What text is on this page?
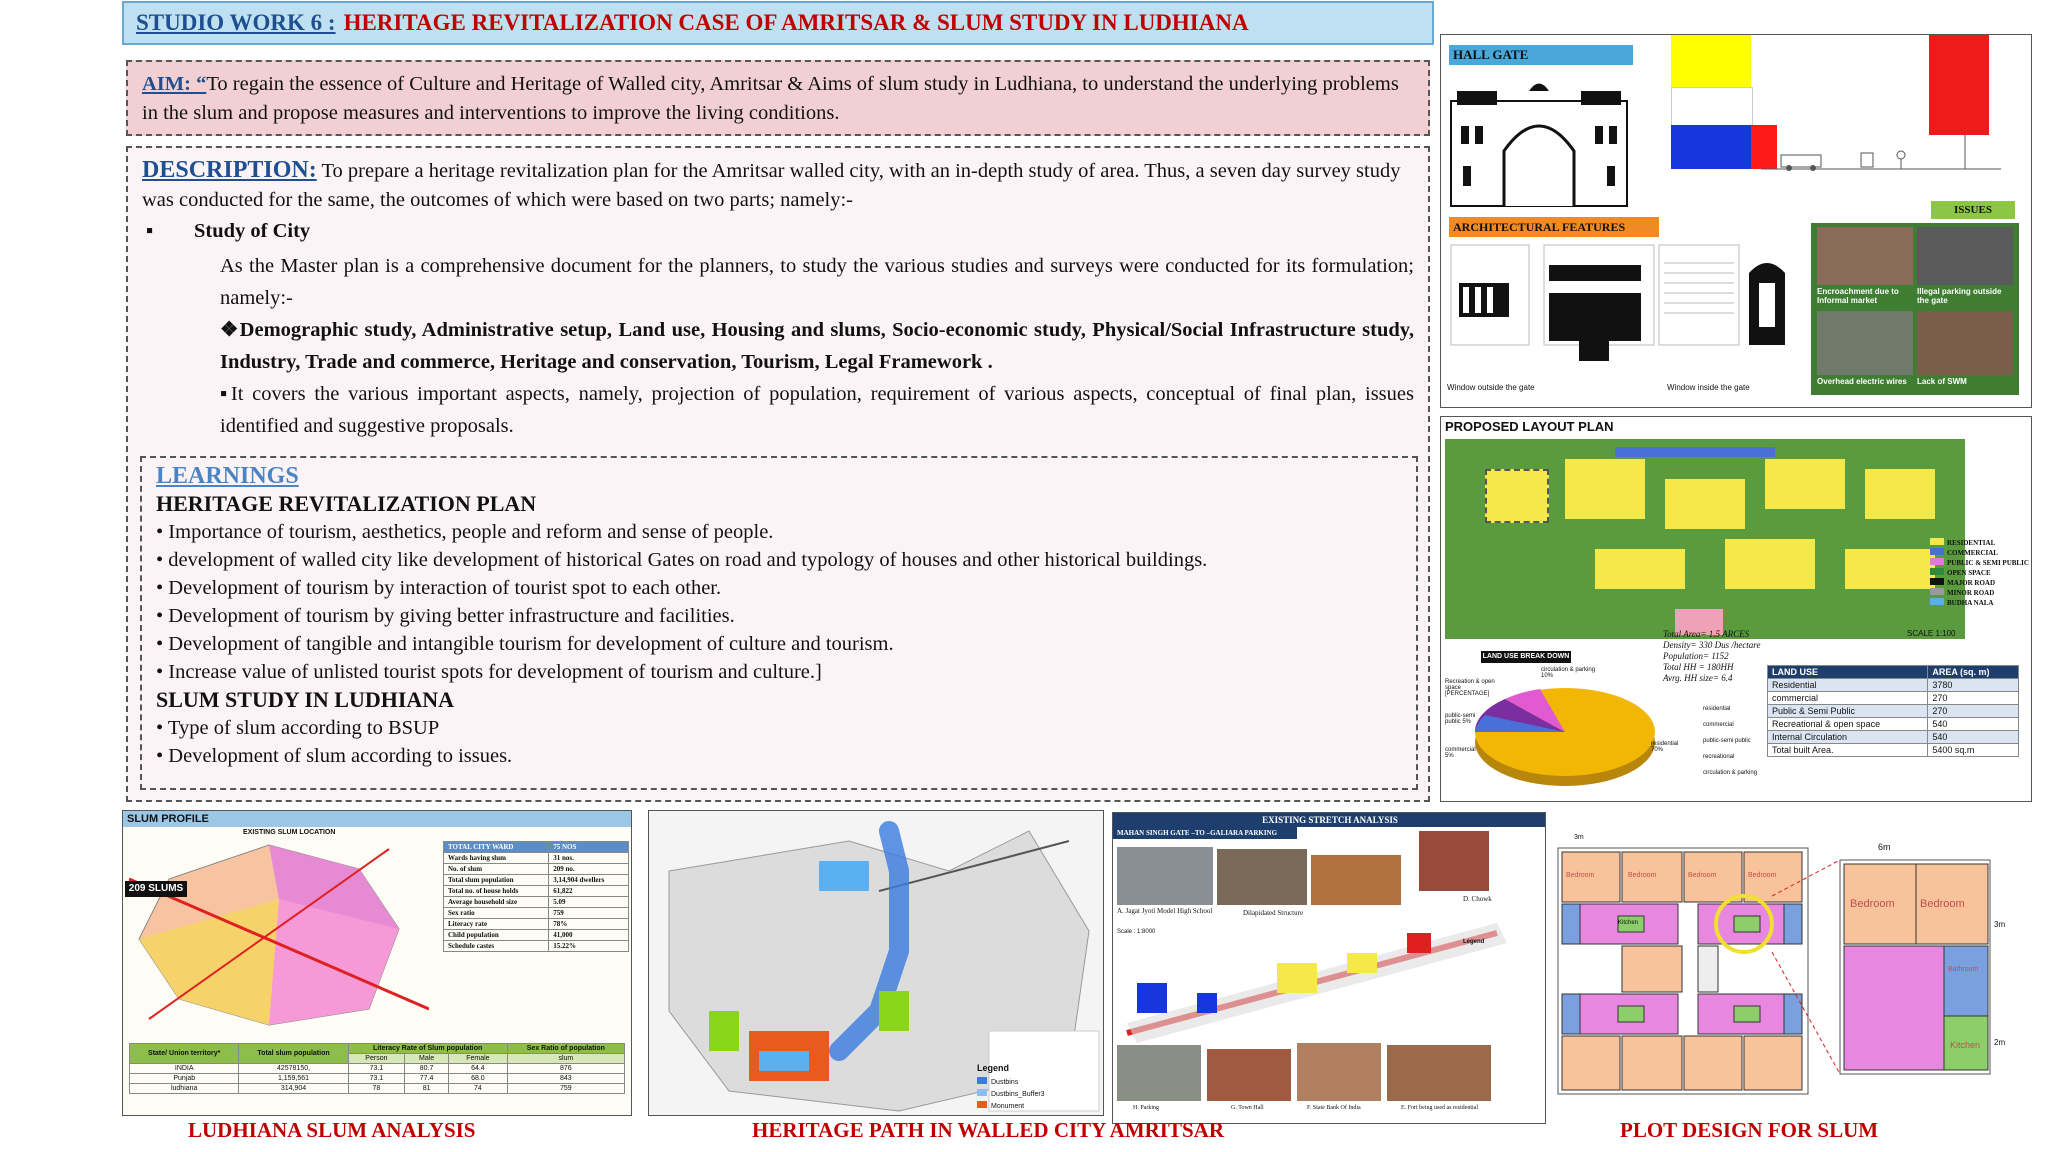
STUDIO WORK 6 : HERITAGE REVITALIZATION CASE OF AMRITSAR & SLUM STUDY IN LUDHIANA
AIM: “To regain the essence of Culture and Heritage of Walled city, Amritsar & Aims of slum study in Ludhiana, to understand the underlying problems in the slum and propose measures and interventions to improve the living conditions.
DESCRIPTION: To prepare a heritage revitalization plan for the Amritsar walled city, with an in-depth study of area. Thus, a seven day survey study was conducted for the same, the outcomes of which were based on two parts; namely:-
▪	Study of City
As the Master plan is a comprehensive document for the planners, to study the various studies and surveys were conducted for its formulation; namely:-
❖Demographic study, Administrative setup, Land use, Housing and slums, Socio-economic study, Physical/Social Infrastructure study, Industry, Trade and commerce, Heritage and conservation, Tourism, Legal Framework .
▪It covers the various important aspects, namely, projection of population, requirement of various aspects, conceptual of final plan, issues identified and suggestive proposals.
LEARNINGS
HERITAGE REVITALIZATION PLAN
• Importance of tourism, aesthetics, people and reform and sense of people.
• development of walled city like development of historical Gates on road and typology of houses and other historical buildings.
• Development of tourism by interaction of tourist spot to each other.
• Development of tourism by giving better infrastructure and facilities.
• Development of tangible and intangible tourism for development of culture and tourism.
• Increase value of unlisted tourist spots for development of tourism and culture.]
SLUM STUDY IN LUDHIANA
• Type of slum according to BSUP
• Development of slum according to issues.
HALL GATE
ARCHITECTURAL FEATURES
Window outside the gate	Window inside the gate
ISSUES
Encroachment due to Informal market
Illegal parking outside the gate
Overhead electric wires	Lack of SWM
PROPOSED LAYOUT PLAN
LAND USE BREAK DOWN
Recreation & open space [PERCENTAGE]
circulation & parking 10%
public-semi public 5%
commercial 5%
residential 70%
residential
commercial
public-semi public
recreational
circulation & parking
Total Area= 1.5 ARCES
Density= 330 Dus /hectare
Population= 1152
Total HH = 180HH
Avrg. HH size= 6.4
SCALE 1:100
LAND USE	AREA (sq. m)
Residential	3780
commercial	270
Public & Semi Public	270
Recreational & open space	540
Internal Circulation	540
Total built Area.	5400 sq.m
SLUM PROFILE
EXISTING SLUM LOCATION
209 SLUMS
TOTAL CITY WARD	75 NOS
Wards having slum	31 nos.
No. of slum	209 no.
Total slum population	3,14,904 dwellers
Total no. of house holds	61,822
Average household size	5.09
Sex ratio	759
Literacy rate	78%
Child population	41,000
Schedule castes	15.22%
State/ Union territory*	Total slum population	Literacy Rate of Slum population			Sex Ratio of population
		Person	Male	Female	slum
INDIA	42578150,	73.1	80.7	64.4	876
Punjab	1,159,561	73.1	77.4	68.0	843
ludhiana	314,904	78	81	74	759
Legend
Dustbins
Dustbins_Buffer3
Monument
EXISTING STRETCH ANALYSIS
MAHAN SINGH GATE –TO –GALIARA PARKING
A. Jagat Jyoti Model High School	Dilapidated Structure
D. Chowk
Scale : 1:8000
Legend
H. Parking	G. Town Hall	F. State Bank Of India	E. Fort being used as residential
Bedroom	Bedroom	Bedroom	Bedroom
Kitchen
Bedroom Bedroom
Kitchen
Bathroom
6m
3m
3m
2m
LUDHIANA SLUM ANALYSIS	HERITAGE PATH IN WALLED CITY AMRITSAR	PLOT DESIGN FOR SLUM
RESIDENTIAL
COMMERCIAL
PUBLIC & SEMI PUBLIC
OPEN SPACE
MAJOR ROAD
MINOR ROAD
BUDHA NALA
